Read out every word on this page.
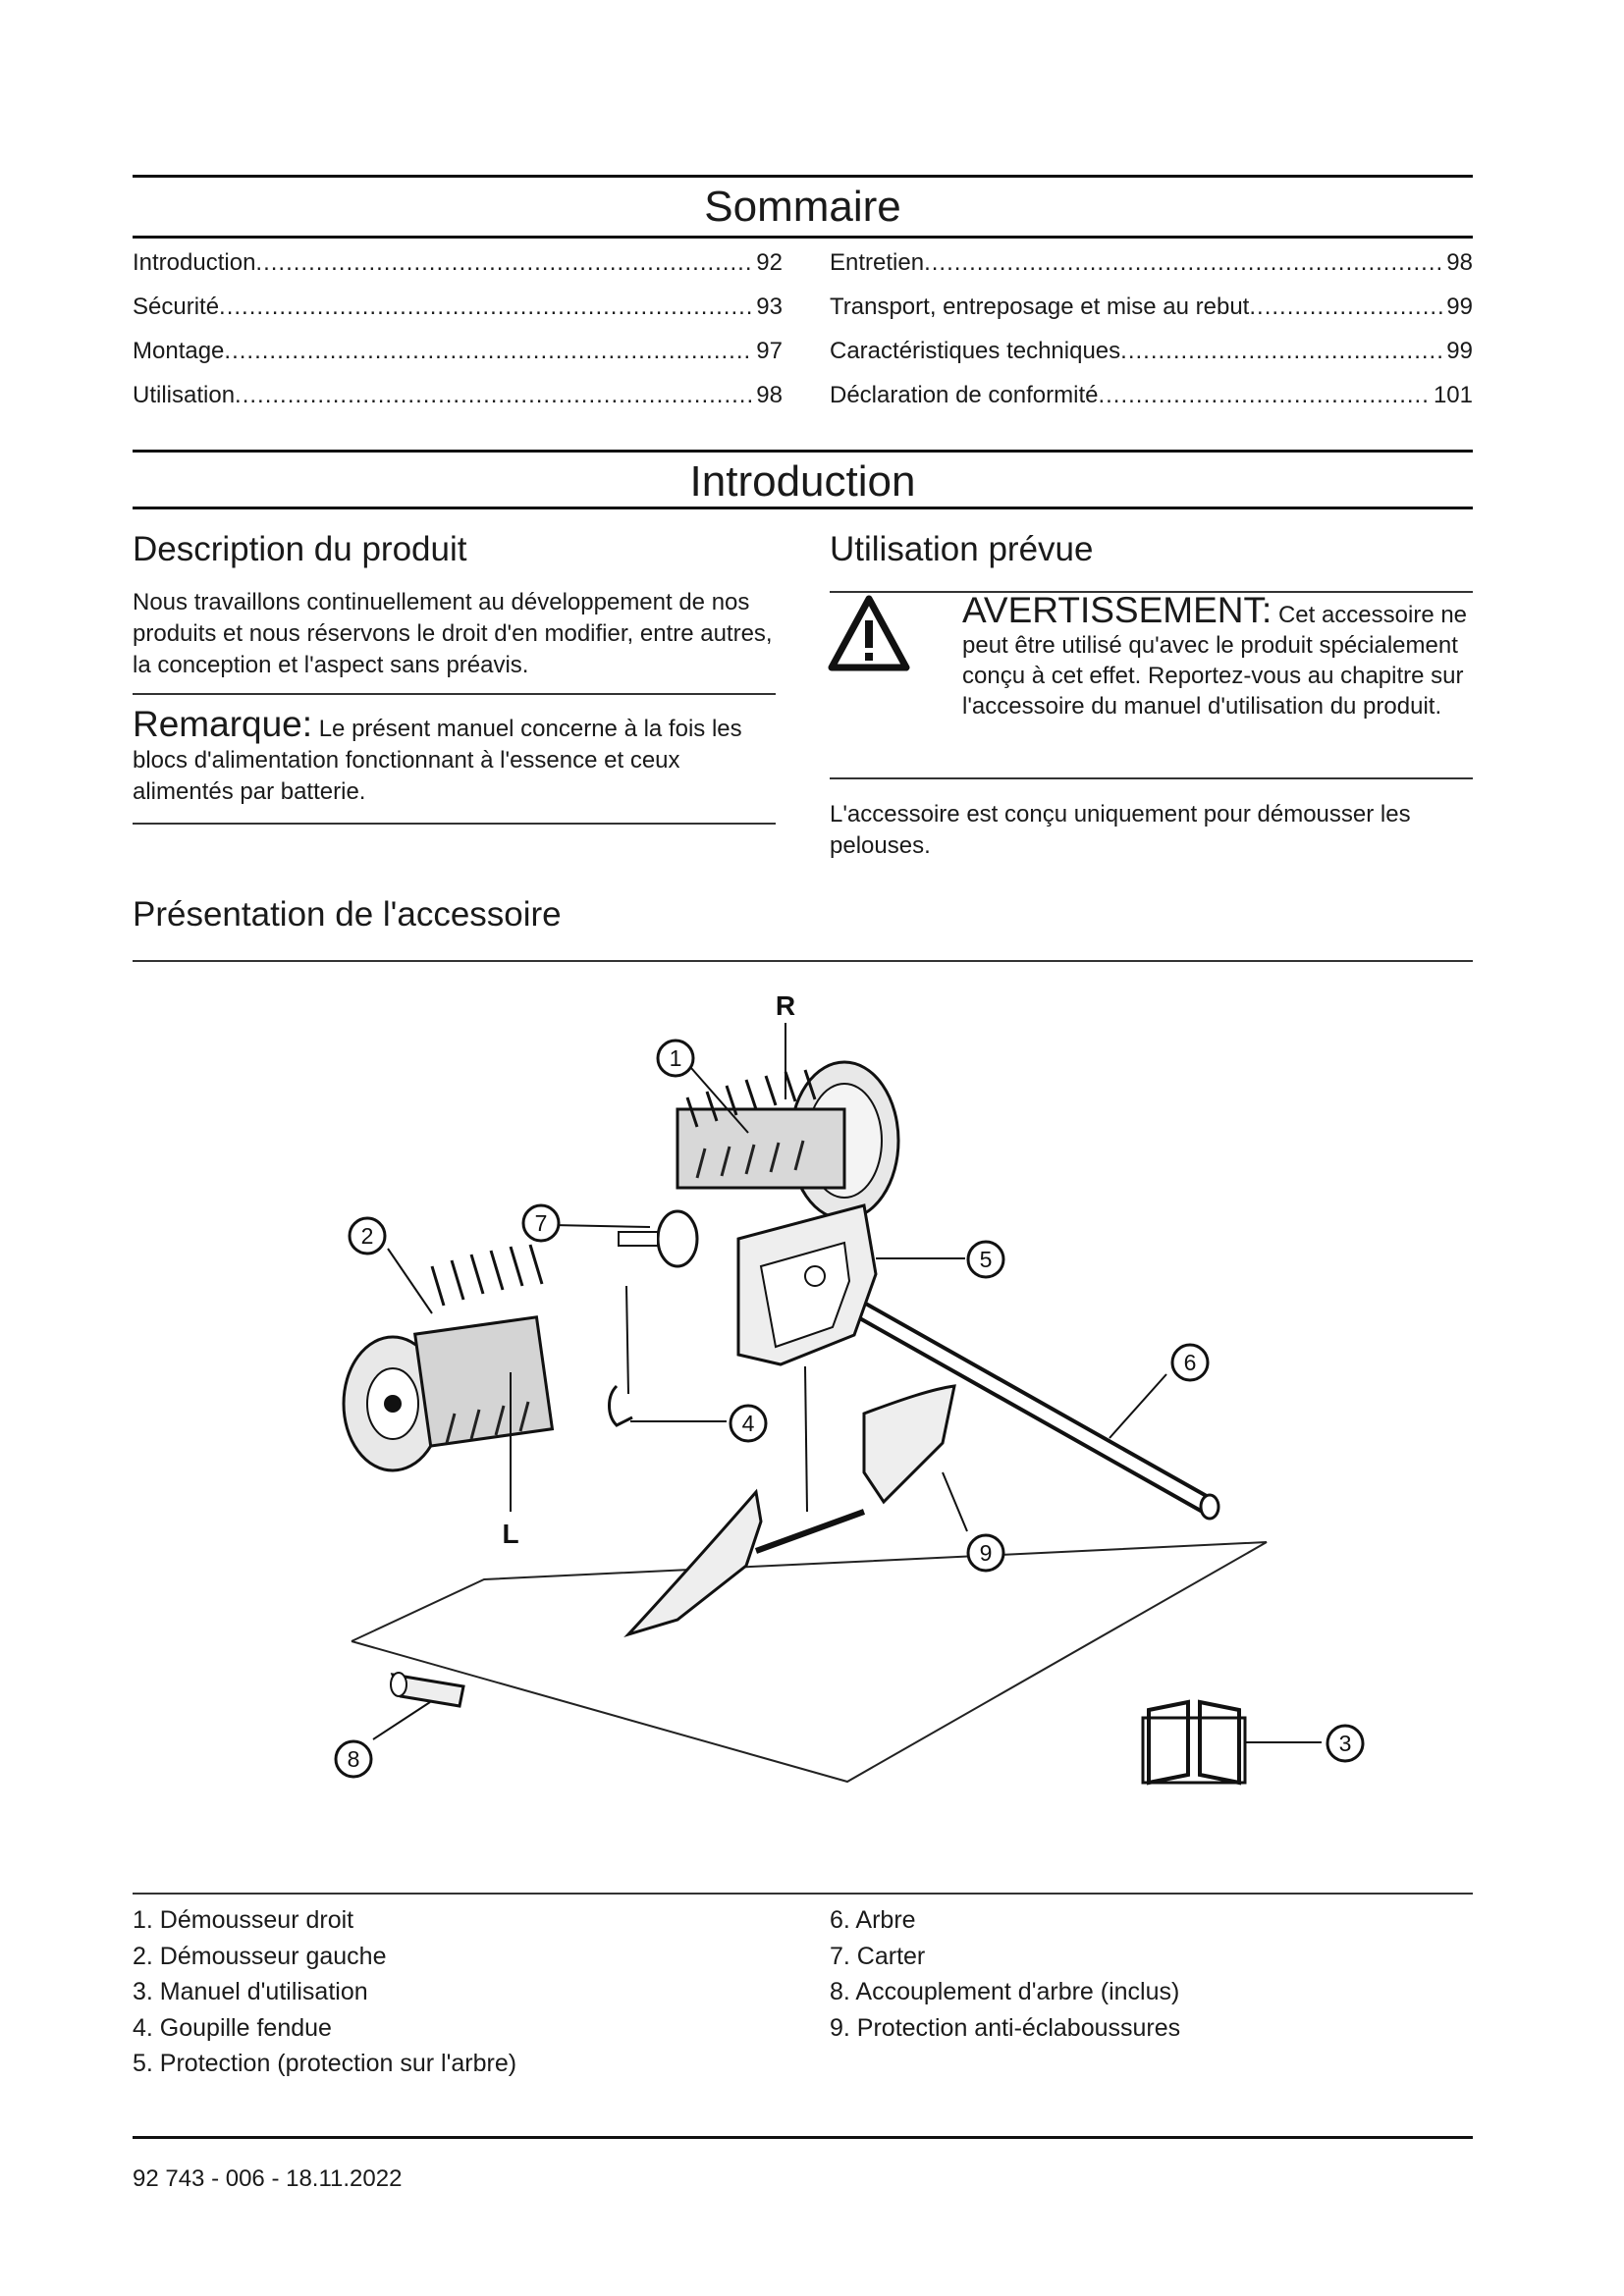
Sommaire
Introduction .....	92
Sécurité .....	93
Montage .....	97
Utilisation .....	98
Entretien .....	98
Transport, entreposage et mise au rebut .....	99
Caractéristiques techniques .....	99
Déclaration de conformité .....	101
Introduction
Description du produit

Nous travaillons continuellement au développement de nos produits et nous réservons le droit d'en modifier, entre autres, la conception et l'aspect sans préavis.

Remarque: Le présent manuel concerne à la fois les blocs d'alimentation fonctionnant à l'essence et ceux alimentés par batterie.

Utilisation prévue

AVERTISSEMENT: Cet accessoire ne peut être utilisé qu'avec le produit spécialement conçu à cet effet. Reportez-vous au chapitre sur l'accessoire du manuel d'utilisation du produit.

L'accessoire est conçu uniquement pour démousser les pelouses.

Présentation de l'accessoire
1
2
3
4
5
6
7
8
9
R
L
1. Démousseur droit
2. Démousseur gauche
3. Manuel d'utilisation
4. Goupille fendue
5. Protection (protection sur l'arbre)
6. Arbre
7. Carter
8. Accouplement d'arbre (inclus)
9. Protection anti-éclaboussures
92 743 - 006 - 18.11.2022
